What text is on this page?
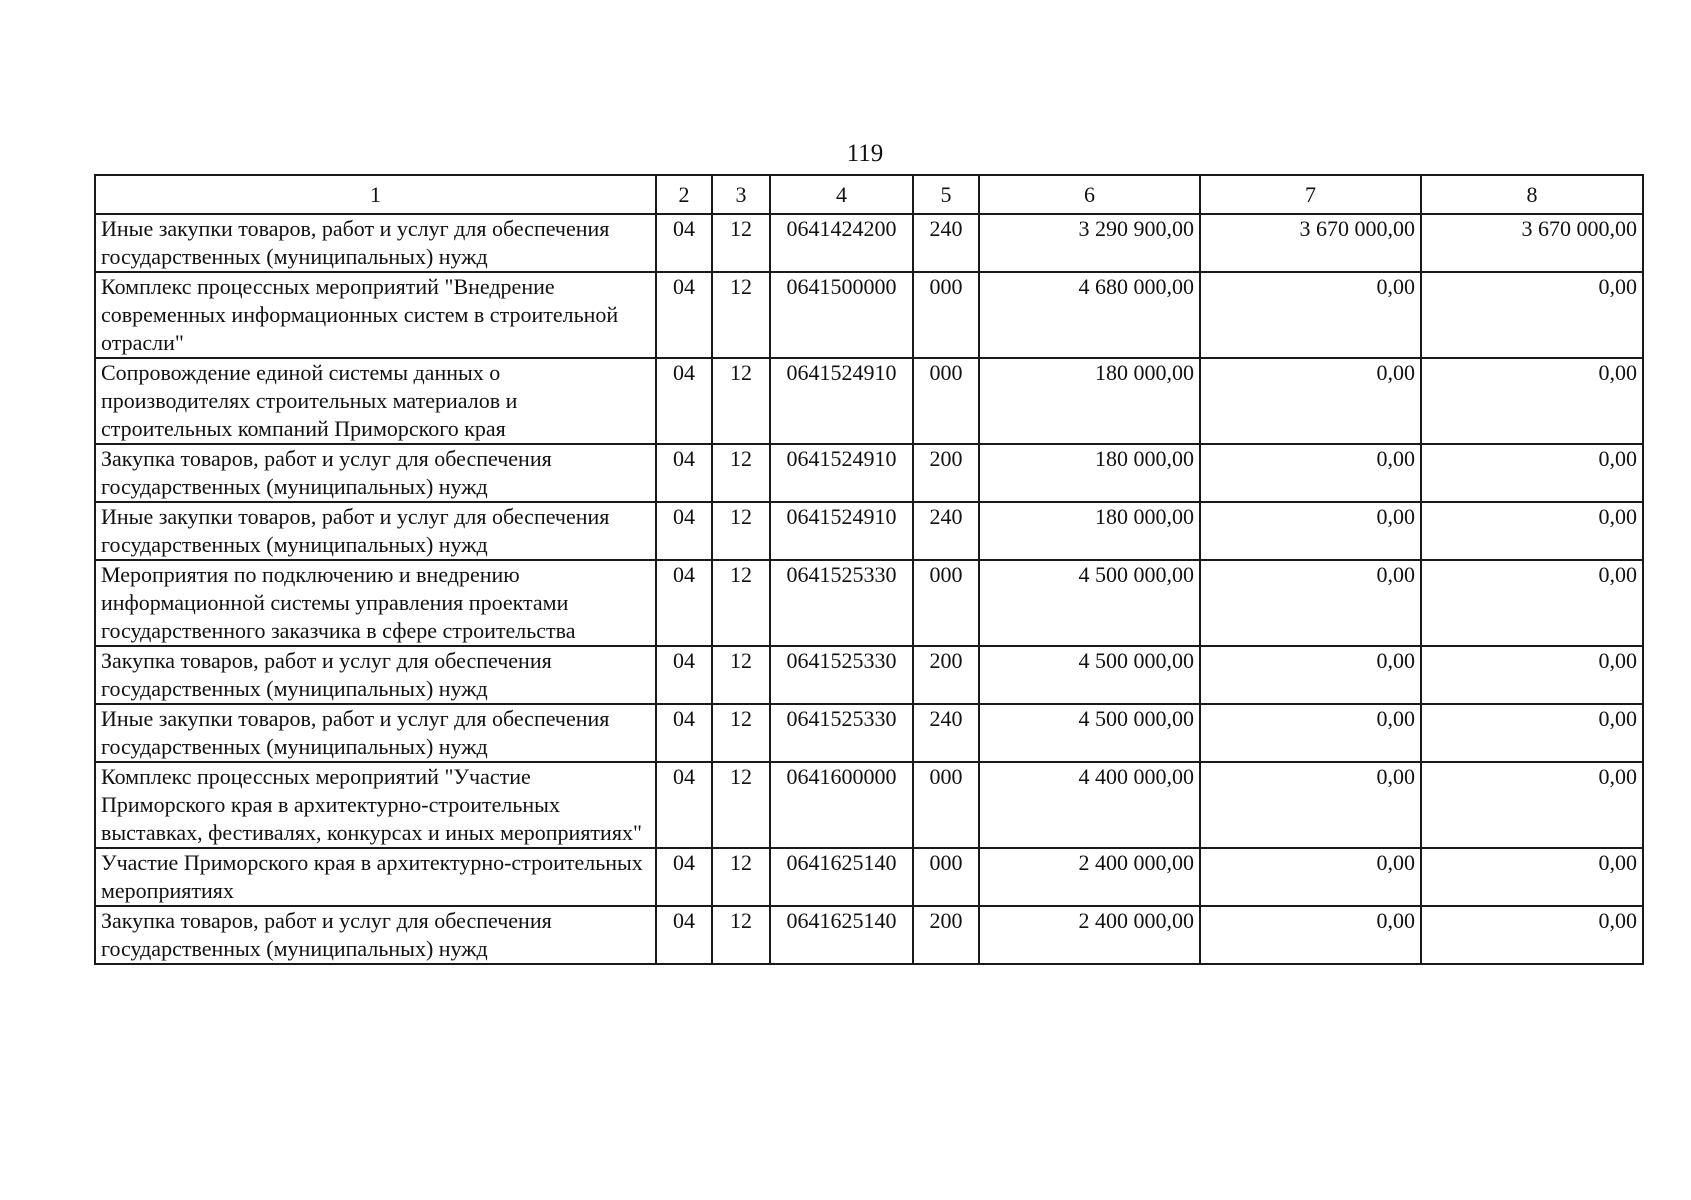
119
1	2	3	4	5	6	7	8
Иные закупки товаров, работ и услуг для обеспечения государственных (муниципальных) нужд	04	12	0641424200	240	3 290 900,00	3 670 000,00	3 670 000,00
Комплекс процессных мероприятий "Внедрение современных информационных систем в строительной отрасли"	04	12	0641500000	000	4 680 000,00	0,00	0,00
Сопровождение единой системы данных о производителях строительных материалов и строительных компаний Приморского края	04	12	0641524910	000	180 000,00	0,00	0,00
Закупка товаров, работ и услуг для обеспечения государственных (муниципальных) нужд	04	12	0641524910	200	180 000,00	0,00	0,00
Иные закупки товаров, работ и услуг для обеспечения государственных (муниципальных) нужд	04	12	0641524910	240	180 000,00	0,00	0,00
Мероприятия по подключению и внедрению информационной системы управления проектами государственного заказчика в сфере строительства	04	12	0641525330	000	4 500 000,00	0,00	0,00
Закупка товаров, работ и услуг для обеспечения государственных (муниципальных) нужд	04	12	0641525330	200	4 500 000,00	0,00	0,00
Иные закупки товаров, работ и услуг для обеспечения государственных (муниципальных) нужд	04	12	0641525330	240	4 500 000,00	0,00	0,00
Комплекс процессных мероприятий "Участие Приморского края в архитектурно-строительных выставках, фестивалях, конкурсах и иных мероприятиях"	04	12	0641600000	000	4 400 000,00	0,00	0,00
Участие Приморского края в архитектурно-строительных мероприятиях	04	12	0641625140	000	2 400 000,00	0,00	0,00
Закупка товаров, работ и услуг для обеспечения государственных (муниципальных) нужд	04	12	0641625140	200	2 400 000,00	0,00	0,00
